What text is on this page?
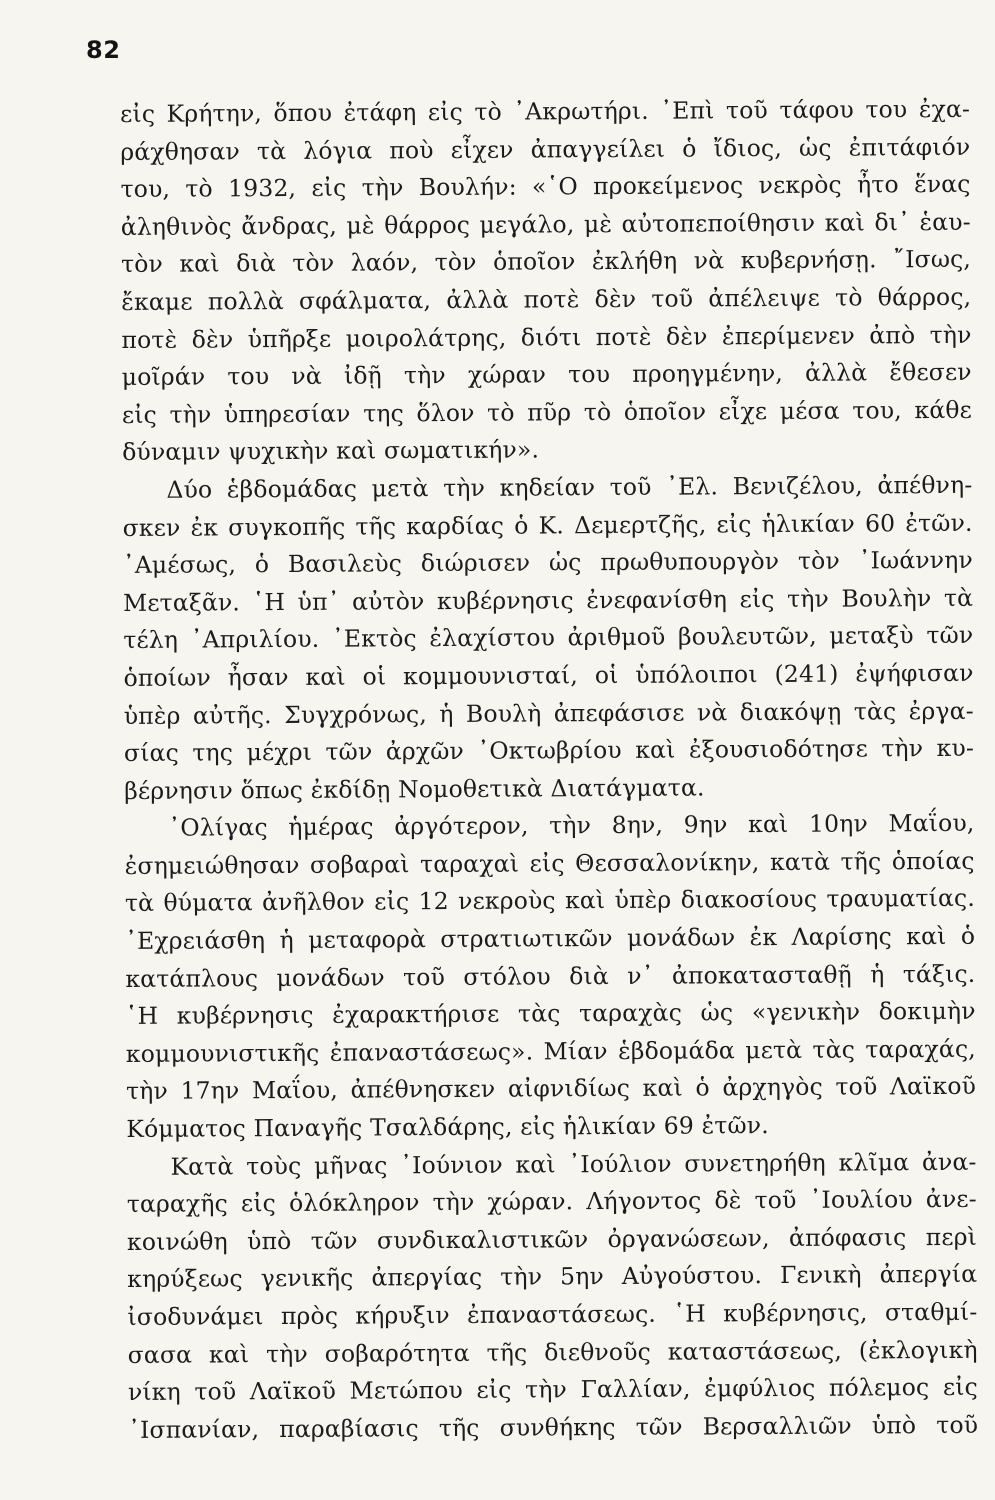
82
εἰς Κρήτην, ὅπου ἐτάφη εἰς τὸ ᾿Ακρωτήρι. ᾿Επὶ τοῦ τάφου του ἐχα-
ράχθησαν τὰ λόγια ποὺ εἶχεν ἀπαγγείλει ὁ ἴδιος, ὡς ἐπιτάφιόν
του, τὸ 1932, εἰς τὴν Βουλήν: «῾Ο προκείμενος νεκρὸς ἦτο ἕνας
ἀληθινὸς ἄνδρας, μὲ θάρρος μεγάλο, μὲ αὐτοπεποίθησιν καὶ δι᾿ ἑαυ-
τὸν καὶ διὰ τὸν λαόν, τὸν ὁποῖον ἐκλήθη νὰ κυβερνήσῃ. ῎Ισως,
ἔκαμε πολλὰ σφάλματα, ἀλλὰ ποτὲ δὲν τοῦ ἀπέλειψε τὸ θάρρος,
ποτὲ δὲν ὑπῆρξε μοιρολάτρης, διότι ποτὲ δὲν ἐπερίμενεν ἀπὸ τὴν
μοῖράν του νὰ ἰδῇ τὴν χώραν του προηγμένην, ἀλλὰ ἔθεσεν
εἰς τὴν ὑπηρεσίαν της ὅλον τὸ πῦρ τὸ ὁποῖον εἶχε μέσα του, κάθε
δύναμιν ψυχικὴν καὶ σωματικήν».
Δύο ἑβδομάδας μετὰ τὴν κηδείαν τοῦ ᾿Ελ. Βενιζέλου, ἀπέθνη-
σκεν ἐκ συγκοπῆς τῆς καρδίας ὁ Κ. Δεμερτζῆς, εἰς ἡλικίαν 60 ἐτῶν.
᾿Αμέσως, ὁ Βασιλεὺς διώρισεν ὡς πρωθυπουργὸν τὸν ᾿Ιωάννην
Μεταξᾶν. ῾Η ὑπ᾿ αὐτὸν κυβέρνησις ἐνεφανίσθη εἰς τὴν Βουλὴν τὰ
τέλη ᾿Απριλίου. ᾿Εκτὸς ἐλαχίστου ἀριθμοῦ βουλευτῶν, μεταξὺ τῶν
ὁποίων ἦσαν καὶ οἱ κομμουνισταί, οἱ ὑπόλοιποι (241) ἐψήφισαν
ὑπὲρ αὐτῆς. Συγχρόνως, ἡ Βουλὴ ἀπεφάσισε νὰ διακόψῃ τὰς ἐργα-
σίας της μέχρι τῶν ἀρχῶν ᾿Οκτωβρίου καὶ ἐξουσιοδότησε τὴν κυ-
βέρνησιν ὅπως ἐκδίδῃ Νομοθετικὰ Διατάγματα.
᾿Ολίγας ἡμέρας ἀργότερον, τὴν 8ην, 9ην καὶ 10ην Μαΐου,
ἐσημειώθησαν σοβαραὶ ταραχαὶ εἰς Θεσσαλονίκην, κατὰ τῆς ὁποίας
τὰ θύματα ἀνῆλθον εἰς 12 νεκροὺς καὶ ὑπὲρ διακοσίους τραυματίας.
᾿Εχρειάσθη ἡ μεταφορὰ στρατιωτικῶν μονάδων ἐκ Λαρίσης καὶ ὁ
κατάπλους μονάδων τοῦ στόλου διὰ ν᾿ ἀποκατασταθῇ ἡ τάξις.
῾Η κυβέρνησις ἐχαρακτήρισε τὰς ταραχὰς ὡς «γενικὴν δοκιμὴν
κομμουνιστικῆς ἐπαναστάσεως». Μίαν ἑβδομάδα μετὰ τὰς ταραχάς,
τὴν 17ην Μαΐου, ἀπέθνησκεν αἰφνιδίως καὶ ὁ ἀρχηγὸς τοῦ Λαϊκοῦ
Κόμματος Παναγῆς Τσαλδάρης, εἰς ἡλικίαν 69 ἐτῶν.
Κατὰ τοὺς μῆνας ᾿Ιούνιον καὶ ᾿Ιούλιον συνετηρήθη κλῖμα ἀνα-
ταραχῆς εἰς ὁλόκληρον τὴν χώραν. Λήγοντος δὲ τοῦ ᾿Ιουλίου ἀνε-
κοινώθη ὑπὸ τῶν συνδικαλιστικῶν ὀργανώσεων, ἀπόφασις περὶ
κηρύξεως γενικῆς ἀπεργίας τὴν 5ην Αὐγούστου. Γενικὴ ἀπεργία
ἰσοδυνάμει πρὸς κήρυξιν ἐπαναστάσεως. ῾Η κυβέρνησις, σταθμί-
σασα καὶ τὴν σοβαρότητα τῆς διεθνοῦς καταστάσεως, (ἐκλογικὴ
νίκη τοῦ Λαϊκοῦ Μετώπου εἰς τὴν Γαλλίαν, ἐμφύλιος πόλεμος εἰς
᾿Ισπανίαν, παραβίασις τῆς συνθήκης τῶν Βερσαλλιῶν ὑπὸ τοῦ
